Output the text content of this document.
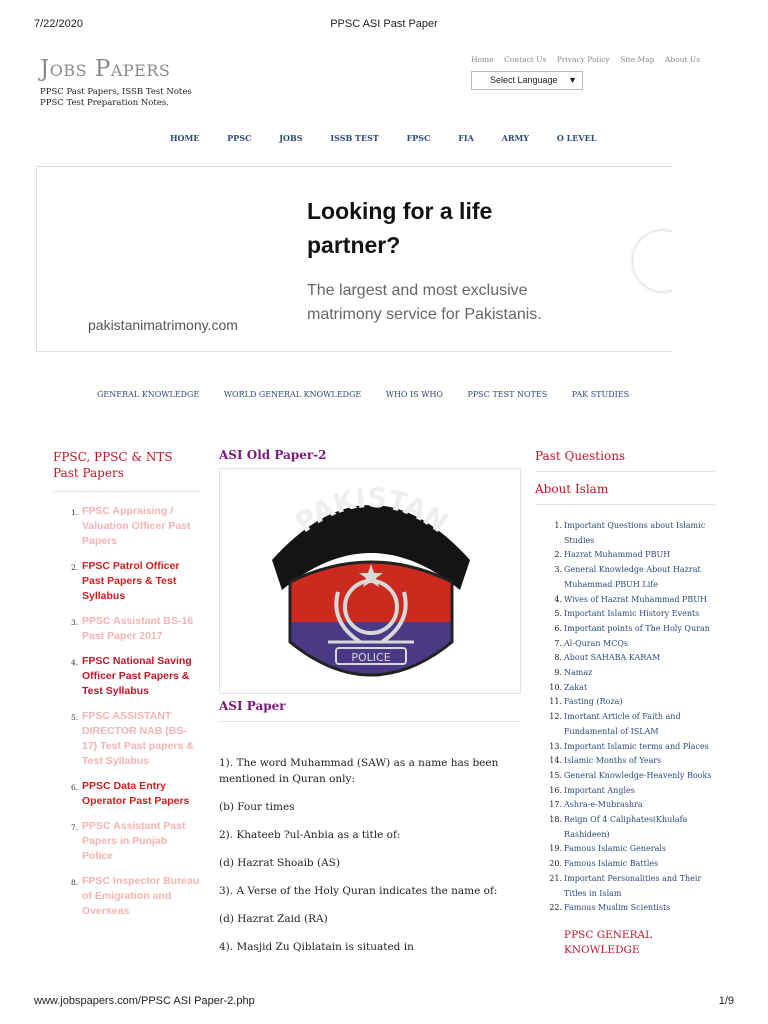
7/22/2020	PPSC ASI Past Paper
Jobs Papers
PPSC Past Papers, ISSB Test Notes
PPSC Test Preparation Notes.
Home Contact Us Privacy Policy Site Map About Us
Select Language ▼
HOME	PPSC	JOBS	ISSB TEST	FPSC	FIA	ARMY	O LEVEL
Looking for a life partner?
The largest and most exclusive matrimony service for Pakistanis.
pakistanimatrimony.com
GENERAL KNOWLEDGE	WORLD GENERAL KNOWLEDGE	WHO IS WHO	PPSC TEST NOTES	PAK STUDIES
FPSC, PPSC & NTS Past Papers
1. FPSC Appraising / Valuation Officer Past Papers
2. FPSC Patrol Officer Past Papers & Test Syllabus
3. PPSC Assistant BS-16 Past Paper 2017
4. FPSC National Saving Officer Past Papers & Test Syllabus
5. FPSC ASSISTANT DIRECTOR NAB (BS-17) Test Past papers & Test Syllabus
6. PPSC Data Entry Operator Past Papers
7. PPSC Assistant Past Papers in Punjab Police
8. FPSC Inspector Bureau of Emigration and Overseas
ASI Old Paper-2
PAKISTAN
POLICE
ASI Paper

1). The word Muhammad (SAW) as a name has been mentioned in Quran only:

(b) Four times

2). Khateeb ?ul-Anbia as a title of:

(d) Hazrat Shoaib (AS)

3). A Verse of the Holy Quran indicates the name of:

(d) Hazrat Zaid (RA)

4). Masjid Zu Qiblatain is situated in

Past Questions
About Islam
1. Important Questions about Islamic Studies
2. Hazrat Muhammad PBUH
3. General Knowledge About Hazrat Muhammad PBUH Life
4. Wives of Hazrat Muhammad PBUH
5. Important Islamic History Events
6. Important points of The Holy Quran
7. Al-Quran MCQs
8. About SAHABA KARAM
9. Namaz
10. Zakat
11. Fasting (Roza)
12. Imortant Article of Faith and Fundamental of ISLAM
13. Important Islamic terms and Places
14. Islamic Months of Years
15. General Knowledge-Heavenly Books
16. Important Angles
17. Ashra-e-Mubrashra
18. Reign Of 4 Caliphates(Khulafa Rashideen)
19. Famous Islamic Generals
20. Famous Islamic Battles
21. Important Personalities and Their Titles in Islam
22. Famous Muslim Scientists
PPSC GENERAL KNOWLEDGE
www.jobspapers.com/PPSC ASI Paper-2.php	1/9
